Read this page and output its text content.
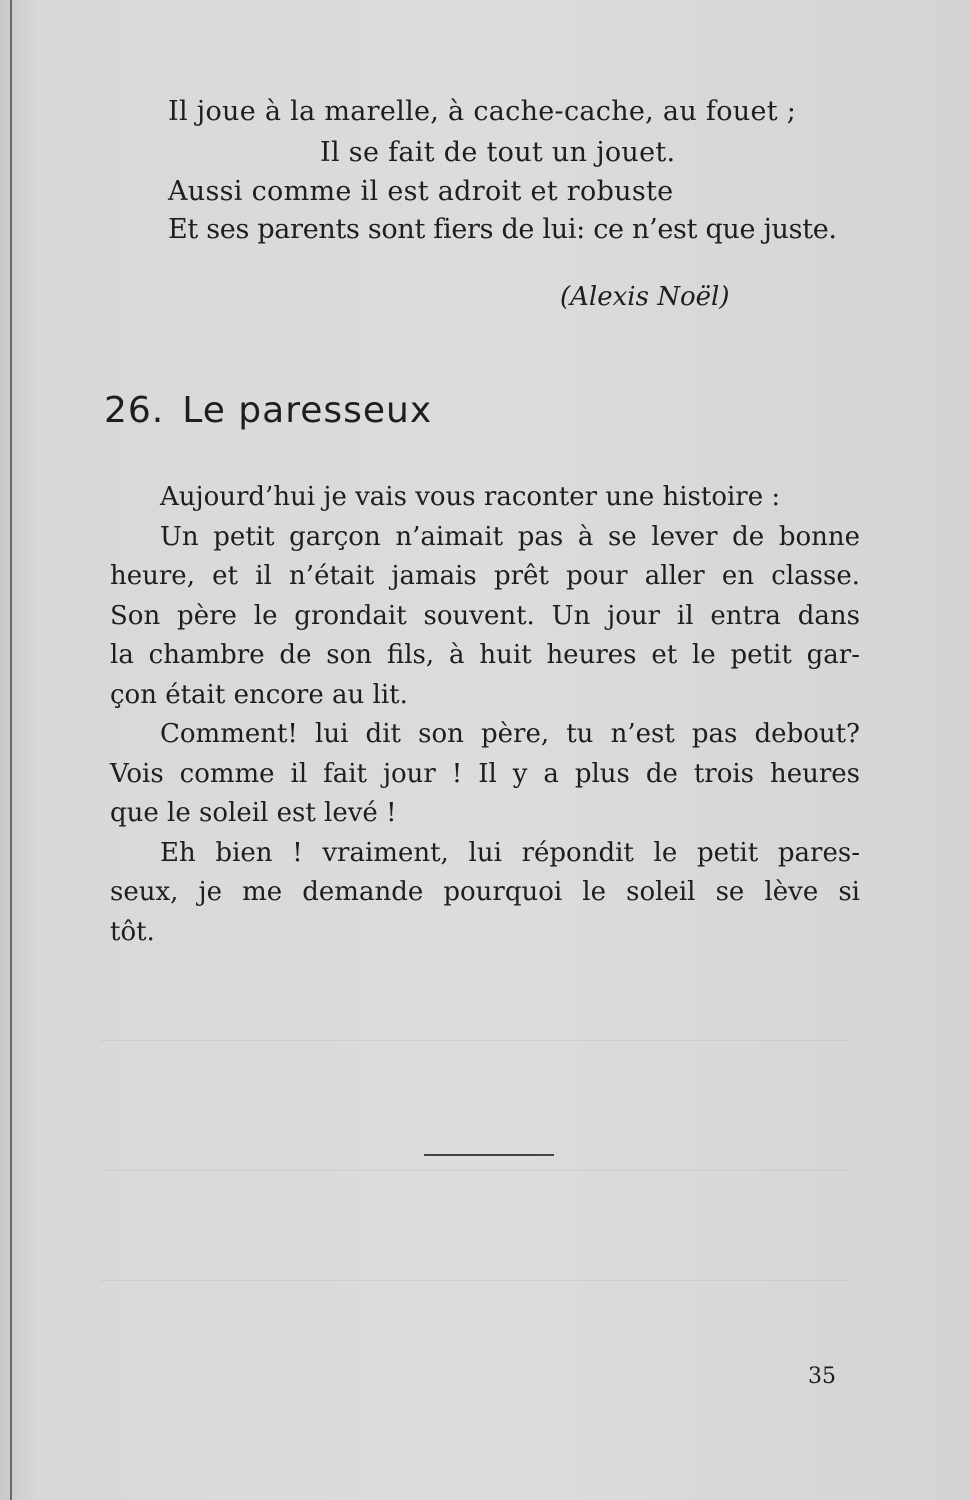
Il joue à la marelle, à cache-cache, au fouet ;
Il se fait de tout un jouet.
Aussi comme il est adroit et robuste
Et ses parents sont fiers de lui: ce n’est que juste.
(Alexis Noël)
26. Le paresseux
Aujourd’hui je vais vous raconter une histoire :
Un petit garçon n’aimait pas à se lever de bonne
heure, et il n’était jamais prêt pour aller en classe.
Son père le grondait souvent. Un jour il entra dans
la chambre de son fils, à huit heures et le petit gar-
çon était encore au lit.
Comment! lui dit son père, tu n’est pas debout?
Vois comme il fait jour ! Il y a plus de trois heures
que le soleil est levé !
Eh bien ! vraiment, lui répondit le petit pares-
seux, je me demande pourquoi le soleil se lève si
tôt.
35
